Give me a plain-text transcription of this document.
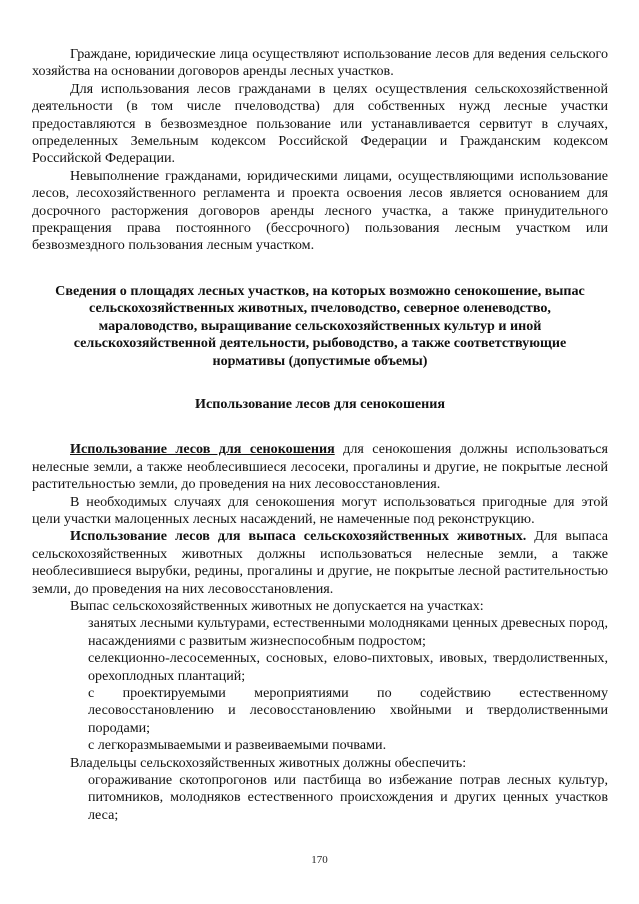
Граждане, юридические лица осуществляют использование лесов для ведения сельского хозяйства на основании договоров аренды лесных участков.

Для использования лесов гражданами в целях осуществления сельскохозяйственной деятельности (в том числе пчеловодства) для собственных нужд лесные участки предоставляются в безвозмездное пользование или устанавливается сервитут в случаях, определенных Земельным кодексом Российской Федерации и Гражданским кодексом Российской Федерации.

Невыполнение гражданами, юридическими лицами, осуществляющими использование лесов, лесохозяйственного регламента и проекта освоения лесов является основанием для досрочного расторжения договоров аренды лесного участка, а также принудительного прекращения права постоянного (бессрочного) пользования лесным участком или безвозмездного пользования лесным участком.

Сведения о площадях лесных участков, на которых возможно сенокошение, выпас сельскохозяйственных животных, пчеловодство, северное оленеводство, мараловодство, выращивание сельскохозяйственных культур и иной сельскохозяйственной деятельности, рыбоводство, а также соответствующие нормативы (допустимые объемы)

Использование лесов для сенокошения

Использование лесов для сенокошения для сенокошения должны использоваться нелесные земли, а также необлесившиеся лесосеки, прогалины и другие, не покрытые лесной растительностью земли, до проведения на них лесовосстановления.

В необходимых случаях для сенокошения могут использоваться пригодные для этой цели участки малоценных лесных насаждений, не намеченные под реконструкцию.

Использование лесов для выпаса сельскохозяйственных животных. Для выпаса сельскохозяйственных животных должны использоваться нелесные земли, а также необлесившиеся вырубки, редины, прогалины и другие, не покрытые лесной растительностью земли, до проведения на них лесовосстановления.

Выпас сельскохозяйственных животных не допускается на участках:

занятых лесными культурами, естественными молодняками ценных древесных пород, насаждениями с развитым жизнеспособным подростом;

селекционно-лесосеменных, сосновых, елово-пихтовых, ивовых, твердолиственных, орехоплодных плантаций;

с проектируемыми мероприятиями по содействию естественному лесовосстановлению и лесовосстановлению хвойными и твердолиственными породами;

с легкоразмываемыми и развеиваемыми почвами.

Владельцы сельскохозяйственных животных должны обеспечить:

огораживание скотопрогонов или пастбища во избежание потрав лесных культур, питомников, молодняков естественного происхождения и других ценных участков леса;

170
